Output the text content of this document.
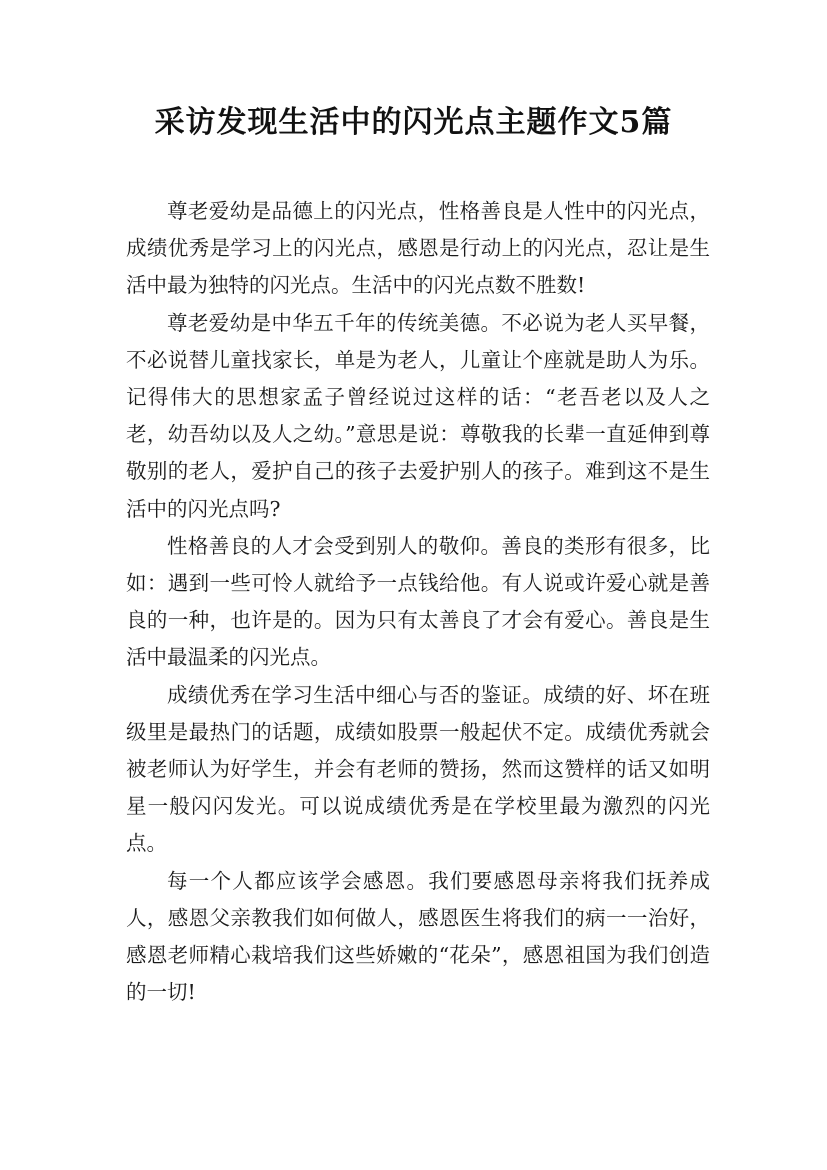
采访发现生活中的闪光点主题作文5篇

尊老爱幼是品德上的闪光点，性格善良是人性中的闪光点，成绩优秀是学习上的闪光点，感恩是行动上的闪光点，忍让是生活中最为独特的闪光点。生活中的闪光点数不胜数!

尊老爱幼是中华五千年的传统美德。不必说为老人买早餐，不必说替儿童找家长，单是为老人，儿童让个座就是助人为乐。记得伟大的思想家孟子曾经说过这样的话：“老吾老以及人之老，幼吾幼以及人之幼。”意思是说：尊敬我的长辈一直延伸到尊敬别的老人，爱护自己的孩子去爱护别人的孩子。难到这不是生活中的闪光点吗?

性格善良的人才会受到别人的敬仰。善良的类形有很多，比如：遇到一些可怜人就给予一点钱给他。有人说或许爱心就是善良的一种，也许是的。因为只有太善良了才会有爱心。善良是生活中最温柔的闪光点。

成绩优秀在学习生活中细心与否的鉴证。成绩的好、坏在班级里是最热门的话题，成绩如股票一般起伏不定。成绩优秀就会被老师认为好学生，并会有老师的赞扬，然而这赞样的话又如明星一般闪闪发光。可以说成绩优秀是在学校里最为激烈的闪光点。

每一个人都应该学会感恩。我们要感恩母亲将我们抚养成人，感恩父亲教我们如何做人，感恩医生将我们的病一一治好，感恩老师精心栽培我们这些娇嫩的“花朵”，感恩祖国为我们创造的一切!
